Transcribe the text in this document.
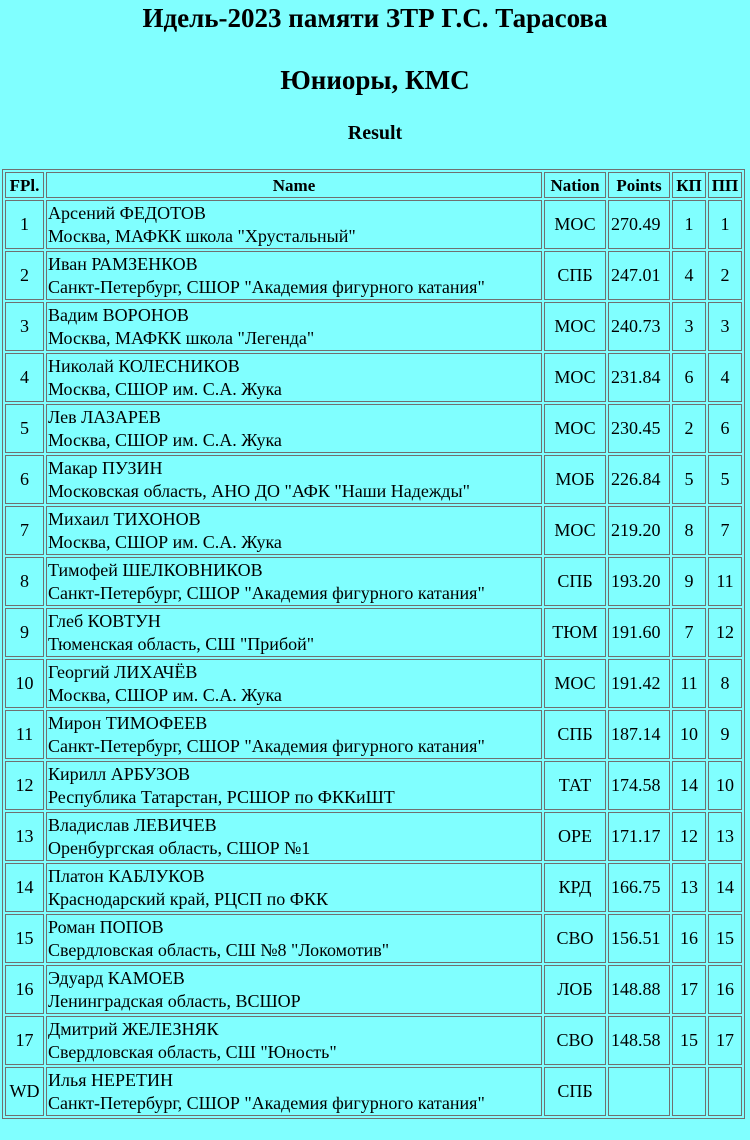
Идель-2023 памяти ЗТР Г.С. Тарасова
Юниоры, КМС
Result
FPl.	Name	Nation	Points	КП	ПП
1	Арсений ФЕДОТОВ
Москва, МАФКК школа "Хрустальный"	МОС	270.49	1	1
2	Иван РАМЗЕНКОВ
Санкт-Петербург, СШОР "Академия фигурного катания"	СПБ	247.01	4	2
3	Вадим ВОРОНОВ
Москва, МАФКК школа "Легенда"	МОС	240.73	3	3
4	Николай КОЛЕСНИКОВ
Москва, СШОР им. С.А. Жука	МОС	231.84	6	4
5	Лев ЛАЗАРЕВ
Москва, СШОР им. С.А. Жука	МОС	230.45	2	6
6	Макар ПУЗИН
Московская область, АНО ДО "АФК "Наши Надежды"	МОБ	226.84	5	5
7	Михаил ТИХОНОВ
Москва, СШОР им. С.А. Жука	МОС	219.20	8	7
8	Тимофей ШЕЛКОВНИКОВ
Санкт-Петербург, СШОР "Академия фигурного катания"	СПБ	193.20	9	11
9	Глеб КОВТУН
Тюменская область, СШ "Прибой"	ТЮМ	191.60	7	12
10	Георгий ЛИХАЧЁВ
Москва, СШОР им. С.А. Жука	МОС	191.42	11	8
11	Мирон ТИМОФЕЕВ
Санкт-Петербург, СШОР "Академия фигурного катания"	СПБ	187.14	10	9
12	Кирилл АРБУЗОВ
Республика Татарстан, РСШОР по ФККиШТ	ТАТ	174.58	14	10
13	Владислав ЛЕВИЧЕВ
Оренбургская область, СШОР №1	ОРЕ	171.17	12	13
14	Платон КАБЛУКОВ
Краснодарский край, РЦСП по ФКК	КРД	166.75	13	14
15	Роман ПОПОВ
Свердловская область, СШ №8 "Локомотив"	СВО	156.51	16	15
16	Эдуард КАМОЕВ
Ленинградская область, ВСШОР	ЛОБ	148.88	17	16
17	Дмитрий ЖЕЛЕЗНЯК
Свердловская область, СШ "Юность"	СВО	148.58	15	17
WD	Илья НЕРЕТИН
Санкт-Петербург, СШОР "Академия фигурного катания"	СПБ			
